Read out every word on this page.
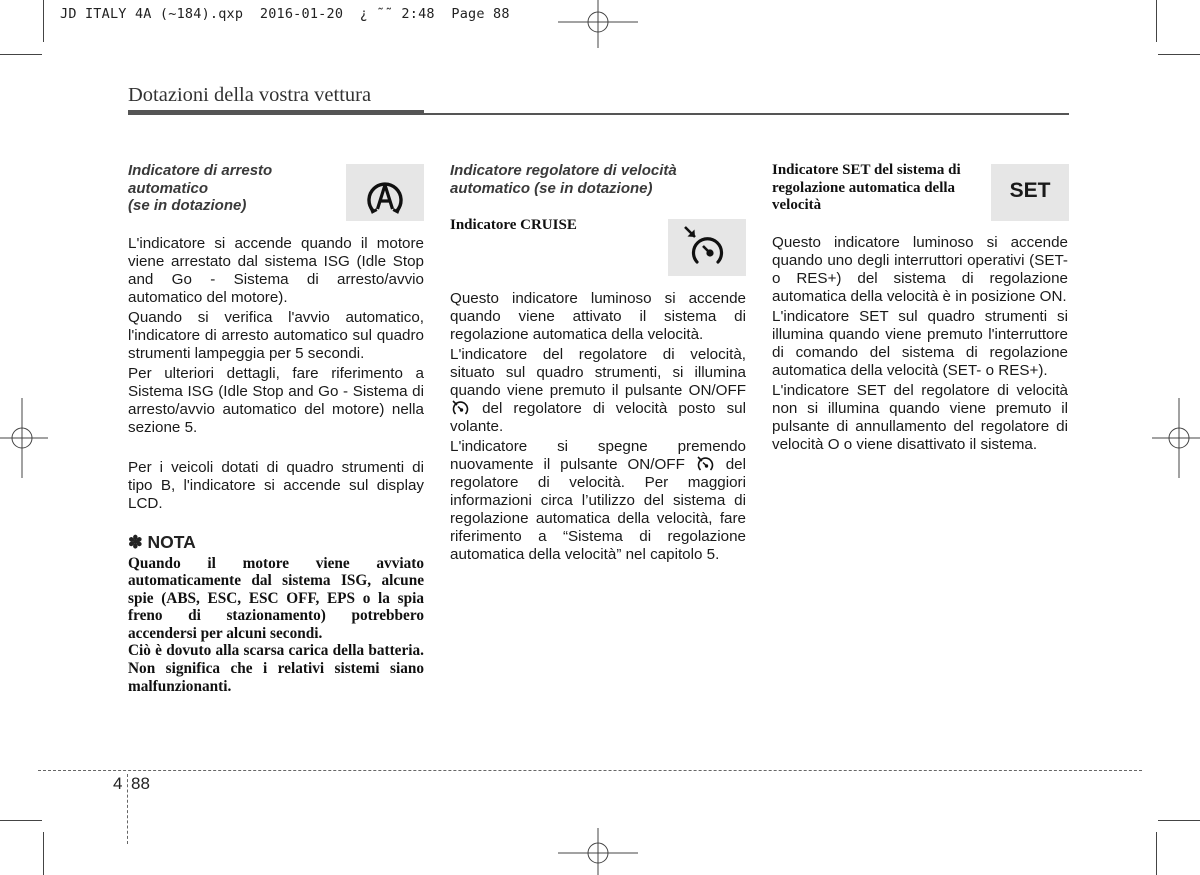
JD ITALY 4A (~184).qxp  2016-01-20  ¿ ˜˜ 2:48  Page 88
Dotazioni della vostra vettura
Indicatore di arresto
automatico
(se in dotazione)

L'indicatore si accende quando il motore viene arrestato dal sistema ISG (Idle Stop and Go - Sistema di arresto/avvio automatico del motore).

Quando si verifica l'avvio automatico, l'indicatore di arresto automatico sul quadro strumenti lampeggia per 5 secondi.

Per ulteriori dettagli, fare riferimento a Sistema ISG (Idle Stop and Go - Sistema di arresto/avvio automatico del motore) nella sezione 5.

Per i veicoli dotati di quadro strumenti di tipo B, l'indicatore si accende sul display LCD.

✽ NOTA

Quando il motore viene avviato automaticamente dal sistema ISG, alcune spie (ABS, ESC, ESC OFF, EPS o la spia freno di stazionamento) potrebbero accendersi per alcuni secondi.

Ciò è dovuto alla scarsa carica della batteria. Non significa che i relativi sistemi siano malfunzionanti.

Indicatore regolatore di velocità
automatico (se in dotazione)
Indicatore CRUISE

Questo indicatore luminoso si accende quando viene attivato il sistema di regolazione automatica della velocità.

L'indicatore del regolatore di velocità, situato sul quadro strumenti, si illumina quando viene premuto il pulsante ON/OFF  del regolatore di velocità posto sul volante.

L'indicatore si spegne premendo nuovamente il pulsante ON/OFF	del regolatore di velocità. Per maggiori informazioni circa l’utilizzo del sistema di regolazione automatica della velocità, fare riferimento a “Sistema di regolazione automatica della velocità” nel capitolo 5.

Indicatore SET del sistema di
regolazione automatica della
velocità

Questo indicatore luminoso si accende quando uno degli interruttori operativi (SET- o RES+) del sistema di regolazione automatica della velocità è in posizione ON.

L'indicatore SET sul quadro strumenti si illumina quando viene premuto l'interruttore di comando del sistema di regolazione automatica della velocità (SET- o RES+).

L'indicatore SET del regolatore di velocità non si illumina quando viene premuto il pulsante di annullamento del regolatore di velocità O o viene disattivato il sistema.

SET
4 88
